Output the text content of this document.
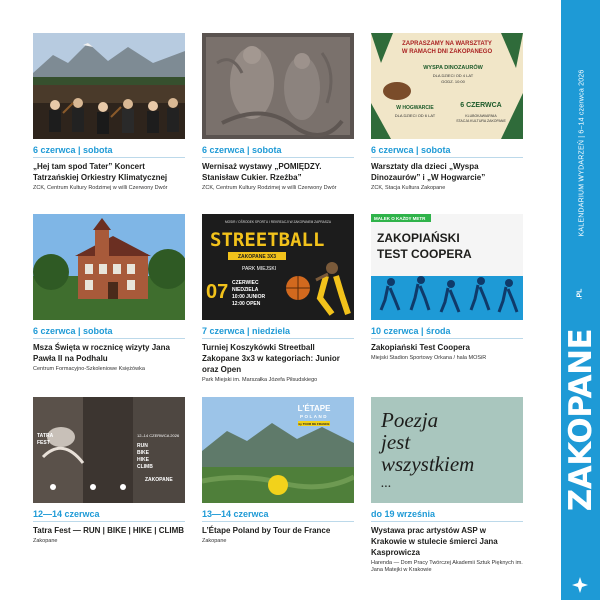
6 czerwca | sobota
„Hej tam spod Tater” Koncert Tatrzańskiej Orkiestry Klimatycznej
ZCK, Centrum Kultury Rodzimej w willi Czerwony Dwór
6 czerwca | sobota
Wernisaż wystawy „POMIĘDZY. Stanisław Cukier. Rzeźba”
ZCK, Centrum Kultury Rodzimej w willi Czerwony Dwór
ZAPRASZAMY NA WARSZTATY
W RAMACH DNI ZAKOPANEGO
WYSPA DINOZAURÓW
DLA DZIECI OD 4 LAT
GODZ. 10:00
W HOGWARCIE
DLA DZIECI OD 6 LAT
6 CZERWCA
KLUBOKAWIARNIA
STACJA KULTURA ZAKOPANE
6 czerwca | sobota
Warsztaty dla dzieci „Wyspa Dinozaurów” i „W Hogwarcie”
ZCK, Stacja Kultura Zakopane
6 czerwca | sobota
Msza Święta w rocznicę wizyty Jana Pawła II na Podhalu
Centrum Formacyjno-Szkoleniowe Księżówka
MOSIR / OŚRODEK SPORTU I REKREACJI W ZAKOPANEM ZAPRASZA
STREETBALL
ZAKOPANE 3X3
PARK MIEJSKI
07 CZERWIEC
NIEDZIELA
10:00 JUNIOR
12:00 OPEN
7 czerwca | niedziela
Turniej Koszykówki Streetball Zakopane 3x3 w kategoriach: Junior oraz Open
Park Miejski im. Marszałka Józefa Piłsudskiego
MALEK O KAŻDY METR
ZAKOPIAŃSKI
TEST COOPERA
10 czerwca | środa
Zakopiański Test Coopera
Miejski Stadion Sportowy Orkana / hala MOSiR
TATRA
FEST
12–14 CZERWCA 2026
RUN
BIKE
HIKE
CLIMB
ZAKOPANE
12—14 czerwca
Tatra Fest — RUN | BIKE | HIKE | CLIMB
Zakopane
L'ÉTAPE
POLAND
by TOUR DE FRANCE
13—14 czerwca
L’Étape Poland by Tour de France
Zakopane
Poezja
jest
wszystkiem
...
do 19 września
Wystawa prac artystów ASP w Krakowie w stulecie śmierci Jana Kasprowicza
Harenda — Dom Pracy Twórczej Akademii Sztuk Pięknych im. Jana Matejki w Krakowie
KALENDARIUM WYDARZEŃ | 6–14 czerwca 2026
.PL
ZAKOPANE
